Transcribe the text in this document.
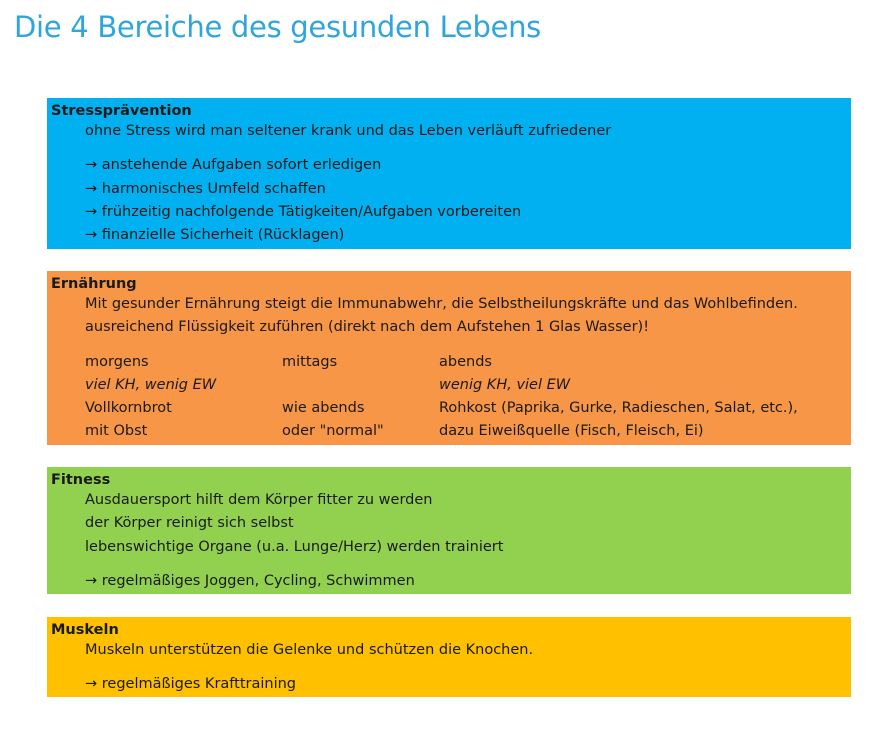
Die 4 Bereiche des gesunden Lebens
Stressprävention
ohne Stress wird man seltener krank und das Leben verläuft zufriedener
→ anstehende Aufgaben sofort erledigen
→ harmonisches Umfeld schaffen
→ frühzeitig nachfolgende Tätigkeiten/Aufgaben vorbereiten
→ finanzielle Sicherheit (Rücklagen)
Ernährung
Mit gesunder Ernährung steigt die Immunabwehr, die Selbstheilungskräfte und das Wohlbefinden.
ausreichend Flüssigkeit zuführen (direkt nach dem Aufstehen 1 Glas Wasser)!
morgens	mittags	abends
viel KH, wenig EW		wenig KH, viel EW
Vollkornbrot	wie abends	Rohkost (Paprika, Gurke, Radieschen, Salat, etc.),
mit Obst	oder "normal"	dazu Eiweißquelle (Fisch, Fleisch, Ei)
Fitness
Ausdauersport hilft dem Körper fitter zu werden
der Körper reinigt sich selbst
lebenswichtige Organe (u.a. Lunge/Herz) werden trainiert
→ regelmäßiges Joggen, Cycling, Schwimmen
Muskeln
Muskeln unterstützen die Gelenke und schützen die Knochen.
→ regelmäßiges Krafttraining
